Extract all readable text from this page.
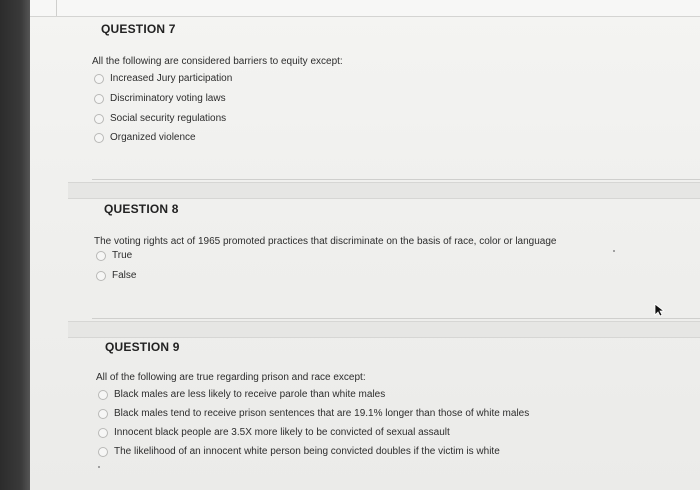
QUESTION 7
All the following are considered barriers to equity except:
Increased Jury participation
Discriminatory voting laws
Social security regulations
Organized violence
QUESTION 8
The voting rights act of 1965 promoted practices that discriminate on the basis of race, color or language
True
False
QUESTION 9
All of the following are true regarding prison and race except:
Black males are less likely to receive parole than white males
Black males tend to receive prison sentences that are 19.1% longer than those of white males
Innocent black people are 3.5X more likely to be convicted of sexual assault
The likelihood of an innocent white person being convicted doubles if the victim is white
